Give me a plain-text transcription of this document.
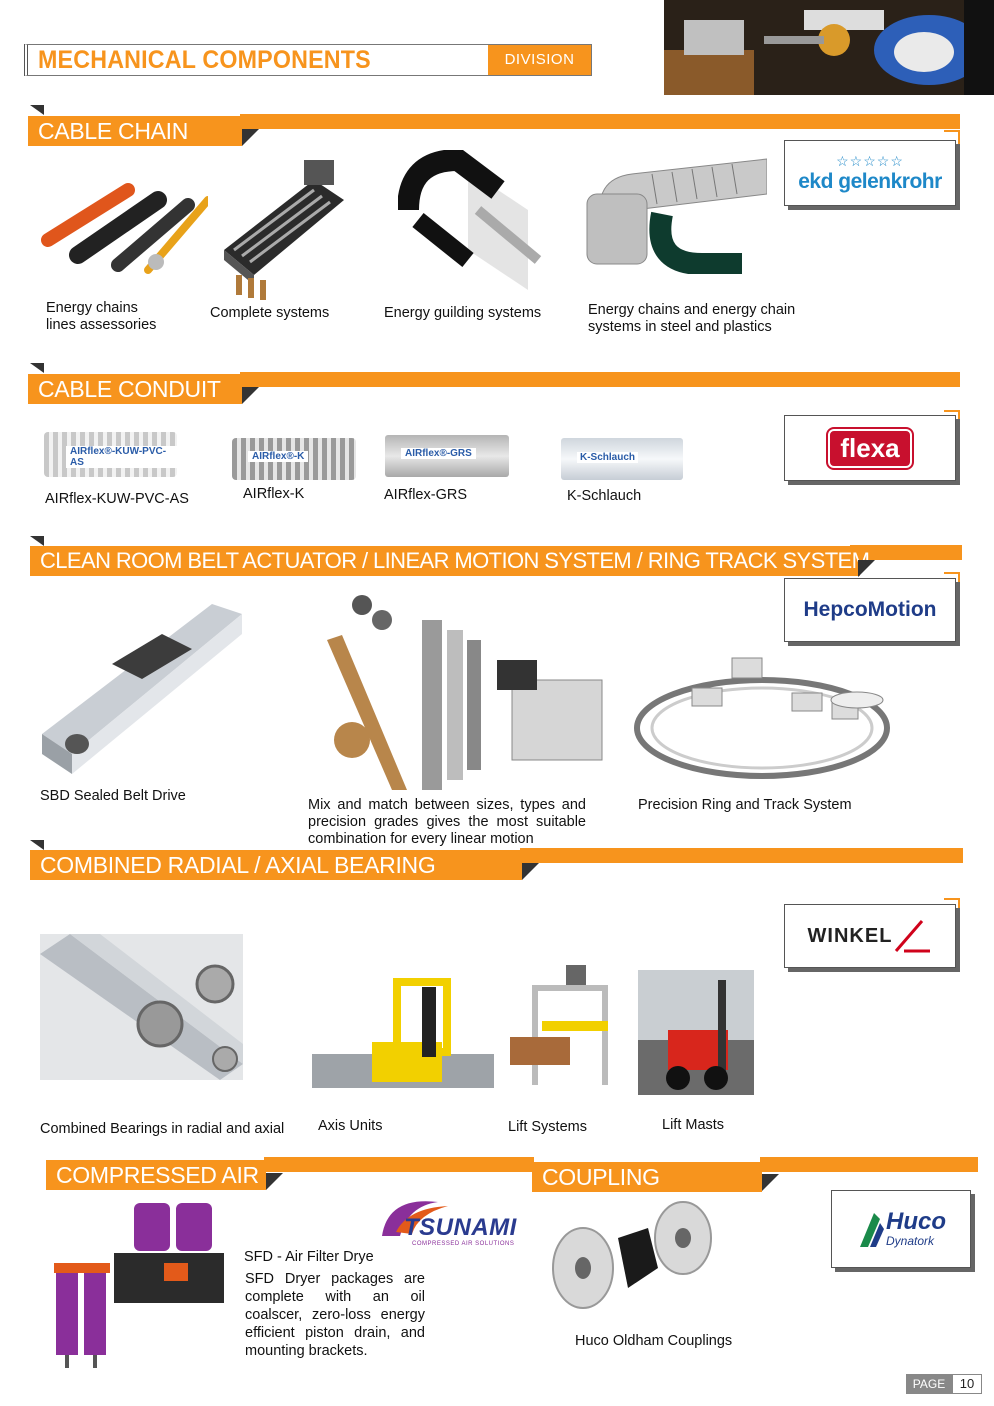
MECHANICAL COMPONENTS	DIVISION
CABLE CHAIN
☆☆☆☆☆
ekd gelenkrohr
Energy chains
lines assessories
Complete systems	Energy guilding systems	Energy chains and energy chain
systems in steel and plastics
CABLE CONDUIT
flexa
AIRflex®-KUW-PVC-AS
AIRflex®-K	AIRflex®-GRS	K-Schlauch
AIRflex-KUW-PVC-AS	AIRflex-K	AIRflex-GRS	K-Schlauch
CLEAN ROOM BELT ACTUATOR / LINEAR MOTION SYSTEM / RING TRACK SYSTEM
HepcoMotion
SBD Sealed Belt Drive
Mix and match between sizes, types and precision grades gives the most suitable combination for every linear motion
Precision Ring and Track System
COMBINED RADIAL / AXIAL BEARING PROFILE
WINKEL
Combined Bearings in radial and axial Axis Units	Lift Systems	Lift Masts
COMPRESSED AIR
TSUNAMI
COMPRESSED AIR SOLUTIONS
SFD - Air Filter Drye
SFD Dryer packages are complete with an oil coalscer, zero-loss energy efficient piston drain, and mounting brackets.
COUPLING
Huco
Dynatork
Huco Oldham Couplings
PAGE	10
